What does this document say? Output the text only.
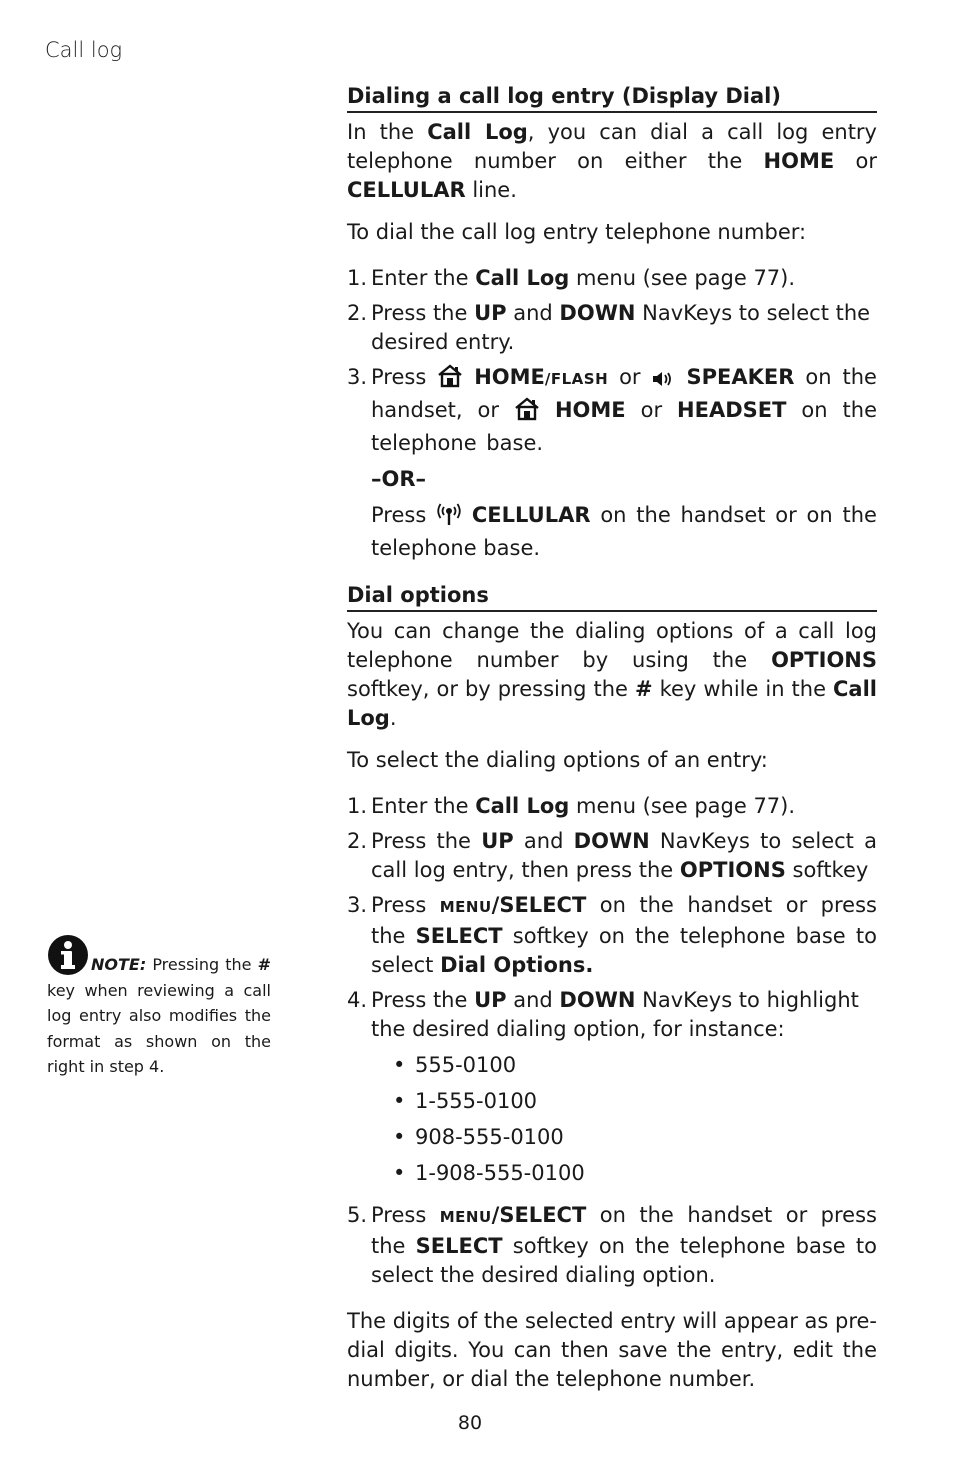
Call log
Dialing a call log entry (Display Dial)

In the Call Log, you can dial a call log entry telephone number on either the HOME or CELLULAR line.

To dial the call log entry telephone number:

1. Enter the Call Log menu (see page 77).
2. Press the UP and DOWN NavKeys to select the desired entry.
3. Press  HOME/FLASH or  SPEAKER on the handset, or  HOME or HEADSET on the telephone base.

–OR–

Press  CELLULAR on the handset or on the telephone base.

Dial options

You can change the dialing options of a call log telephone number by using the OPTIONS softkey, or by pressing the # key while in the Call Log.

To select the dialing options of an entry:

1. Enter the Call Log menu (see page 77).
2. Press the UP and DOWN NavKeys to select a call log entry, then press the OPTIONS softkey
3. Press MENU/SELECT on the handset or press the SELECT softkey on the telephone base to select Dial Options.
4. Press the UP and DOWN NavKeys to highlight the desired dialing option, for instance:

• 555-0100
• 1-555-0100
• 908-555-0100
• 1-908-555-0100
5. Press MENU/SELECT on the handset or press the SELECT softkey on the telephone base to select the desired dialing option.

The digits of the selected entry will appear as pre-dial digits. You can then save the entry, edit the number, or dial the telephone number.

NOTE: Pressing the # key when reviewing a call log entry also modifies the format as shown on the right in step 4.

80
